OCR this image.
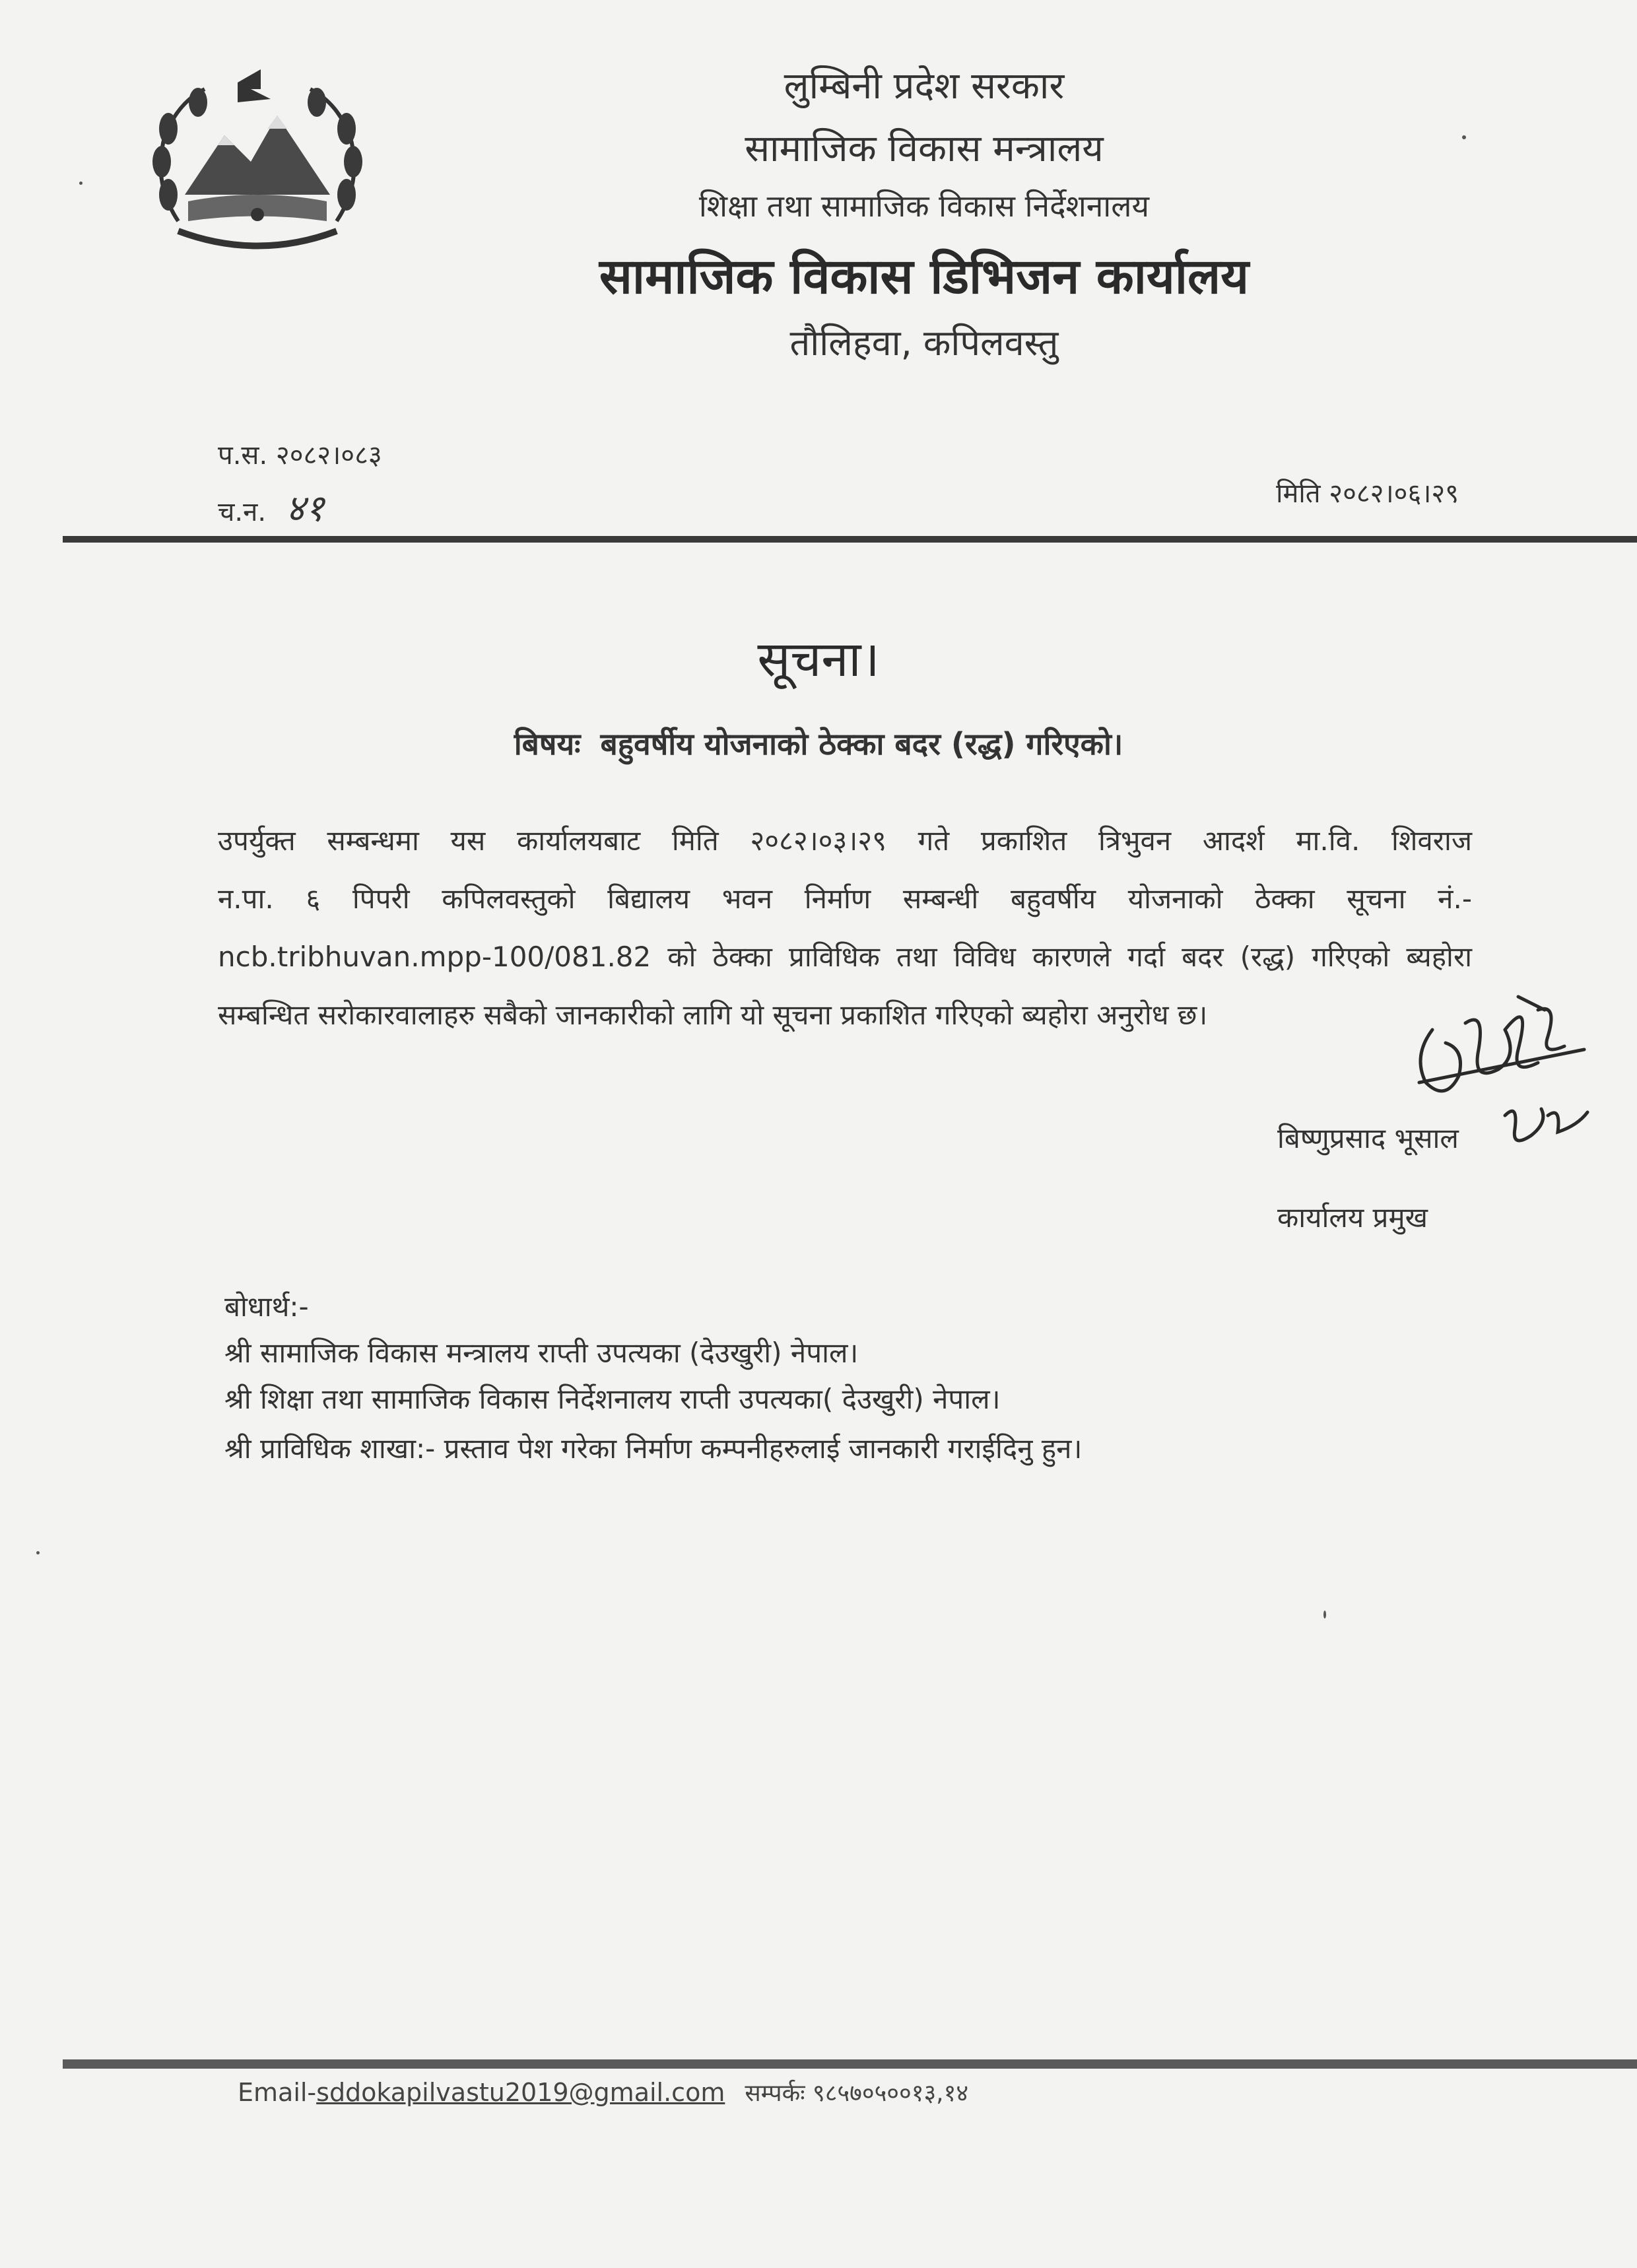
लुम्बिनी प्रदेश सरकार
सामाजिक विकास मन्त्रालय
शिक्षा तथा सामाजिक विकास निर्देशनालय
सामाजिक विकास डिभिजन कार्यालय
तौलिहवा, कपिलवस्तु
प.स. २०८२।०८३
च.न. ४१	मिति २०८२।०६।२९
सूचना।
बिषयः बहुवर्षीय योजनाको ठेक्का बदर (रद्ध) गरिएको।
उपर्युक्त सम्बन्धमा यस कार्यालयबाट मिति २०८२।०३।२९ गते प्रकाशित त्रिभुवन आदर्श मा.वि. शिवराज
न.पा. ६ पिपरी कपिलवस्तुको बिद्यालय भवन निर्माण सम्बन्धी बहुवर्षीय योजनाको ठेक्का सूचना नं.-
ncb.tribhuvan.mpp-100/081.82 को ठेक्का प्राविधिक तथा विविध कारणले गर्दा बदर (रद्ध) गरिएको ब्यहोरा
सम्बन्धित सरोकारवालाहरु सबैको जानकारीको लागि यो सूचना प्रकाशित गरिएको ब्यहोरा अनुरोध छ।
बिष्णुप्रसाद भूसाल
कार्यालय प्रमुख
बोधार्थ:-
श्री सामाजिक विकास मन्त्रालय राप्ती उपत्यका (देउखुरी) नेपाल।
श्री शिक्षा तथा सामाजिक विकास निर्देशनालय राप्ती उपत्यका( देउखुरी) नेपाल।
श्री प्राविधिक शाखा:- प्रस्ताव पेश गरेका निर्माण कम्पनीहरुलाई जानकारी गराईदिनु हुन।
Email-sddokapilvastu2019@gmail.com सम्पर्कः ९८५७०५००१३,१४
